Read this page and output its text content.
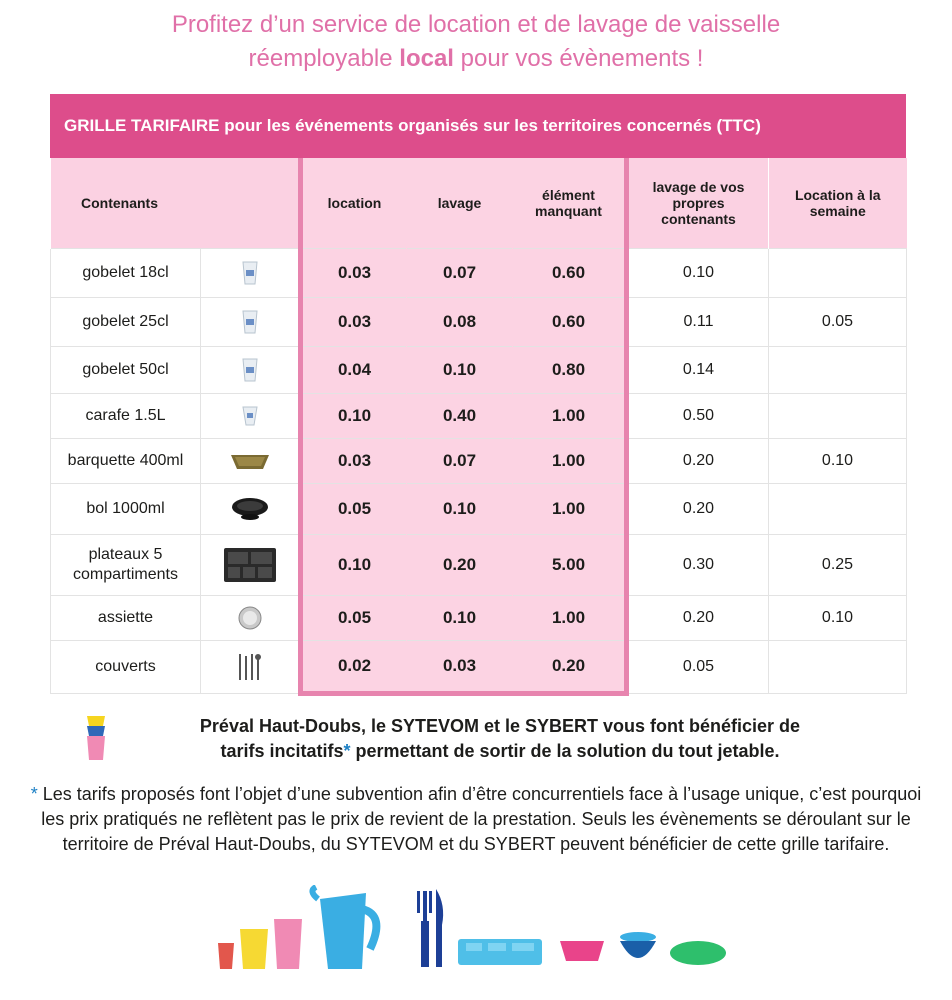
Profitez d’un service de location et de lavage de vaisselle
réemployable local pour vos évènements !
GRILLE TARIFAIRE pour les événements organisés sur les territoires concernés (TTC)
Contenants		location	lavage	élément manquant	lavage de vos propres contenants	Location à la semaine
gobelet 18cl		0.03	0.07	0.60	0.10	
gobelet 25cl		0.03	0.08	0.60	0.11	0.05
gobelet 50cl		0.04	0.10	0.80	0.14	
carafe 1.5L		0.10	0.40	1.00	0.50	
barquette 400ml		0.03	0.07	1.00	0.20	0.10
bol 1000ml		0.05	0.10	1.00	0.20	
plateaux 5 compartiments		0.10	0.20	5.00	0.30	0.25
assiette		0.05	0.10	1.00	0.20	0.10
couverts		0.02	0.03	0.20	0.05	
Préval Haut-Doubs, le SYTEVOM et le SYBERT vous font bénéficier de
tarifs incitatifs* permettant de sortir de la solution du tout jetable.
* Les tarifs proposés font l’objet d’une subvention afin d’être concurrentiels face à l’usage unique, c’est pourquoi les prix pratiqués ne reflètent pas le prix de revient de la prestation. Seuls les évènements se déroulant sur le territoire de Préval Haut-Doubs, du SYTEVOM et du SYBERT peuvent bénéficier de cette grille tarifaire.
